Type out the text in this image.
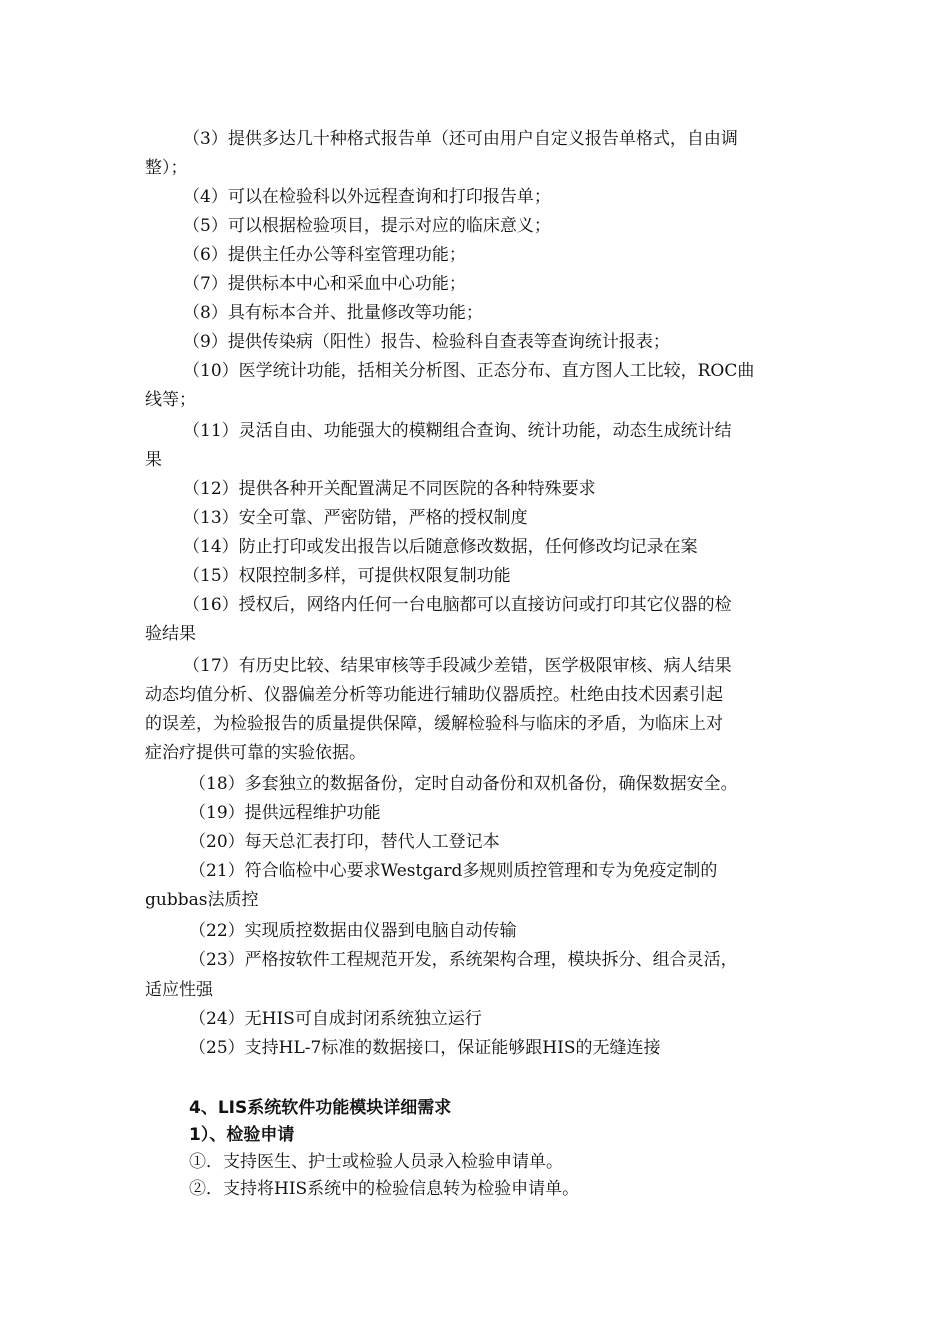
（3）提供多达几十种格式报告单（还可由用户自定义报告单格式，自由调
整）；
（4）可以在检验科以外远程查询和打印报告单；
（5）可以根据检验项目，提示对应的临床意义；
（6）提供主任办公等科室管理功能；
（7）提供标本中心和采血中心功能；
（8）具有标本合并、批量修改等功能；
（9）提供传染病（阳性）报告、检验科自查表等查询统计报表；
（10）医学统计功能，括相关分析图、正态分布、直方图人工比较，ROC曲
线等；
（11）灵活自由、功能强大的模糊组合查询、统计功能，动态生成统计结
果
（12）提供各种开关配置满足不同医院的各种特殊要求
（13）安全可靠、严密防错，严格的授权制度
（14）防止打印或发出报告以后随意修改数据，任何修改均记录在案
（15）权限控制多样，可提供权限复制功能
（16）授权后，网络内任何一台电脑都可以直接访问或打印其它仪器的检
验结果
（17）有历史比较、结果审核等手段减少差错，医学极限审核、病人结果
动态均值分析、仪器偏差分析等功能进行辅助仪器质控。杜绝由技术因素引起
的误差，为检验报告的质量提供保障，缓解检验科与临床的矛盾，为临床上对
症治疗提供可靠的实验依据。
（18）多套独立的数据备份，定时自动备份和双机备份，确保数据安全。
（19）提供远程维护功能
（20）每天总汇表打印，替代人工登记本
（21）符合临检中心要求Westgard多规则质控管理和专为免疫定制的
gubbas法质控
（22）实现质控数据由仪器到电脑自动传输
（23）严格按软件工程规范开发，系统架构合理，模块拆分、组合灵活，
适应性强
（24）无HIS可自成封闭系统独立运行
（25）支持HL-7标准的数据接口，保证能够跟HIS的无缝连接
4、LIS系统软件功能模块详细需求
1）、检验申请
①．支持医生、护士或检验人员录入检验申请单。
②．支持将HIS系统中的检验信息转为检验申请单。
